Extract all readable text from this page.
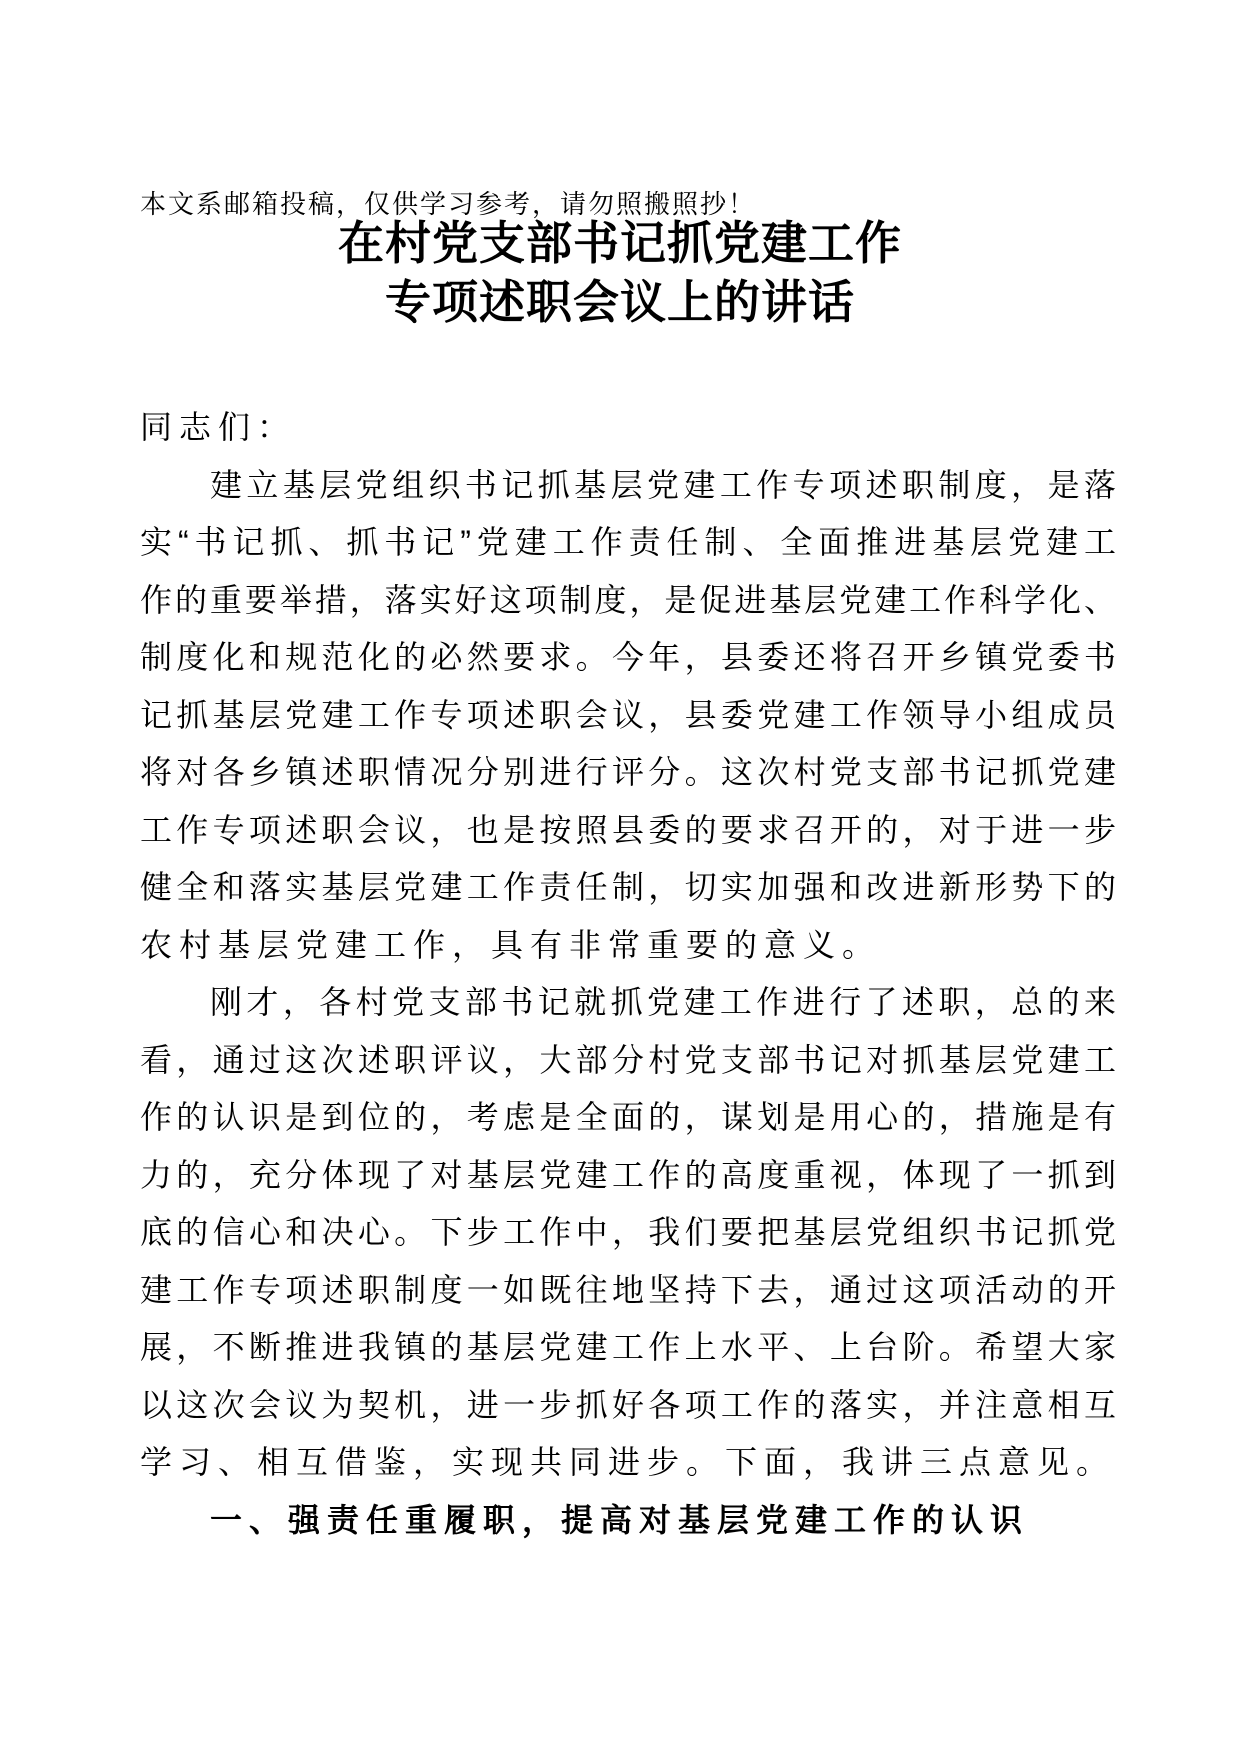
本文系邮箱投稿，仅供学习参考，请勿照搬照抄！
在村党支部书记抓党建工作
专项述职会议上的讲话
同志们：
建立基层党组织书记抓基层党建工作专项述职制度，是落
实“书记抓、抓书记”党建工作责任制、全面推进基层党建工
作的重要举措，落实好这项制度，是促进基层党建工作科学化、
制度化和规范化的必然要求。今年，县委还将召开乡镇党委书
记抓基层党建工作专项述职会议，县委党建工作领导小组成员
将对各乡镇述职情况分别进行评分。这次村党支部书记抓党建
工作专项述职会议，也是按照县委的要求召开的，对于进一步
健全和落实基层党建工作责任制，切实加强和改进新形势下的
农村基层党建工作，具有非常重要的意义。
刚才，各村党支部书记就抓党建工作进行了述职，总的来
看，通过这次述职评议，大部分村党支部书记对抓基层党建工
作的认识是到位的，考虑是全面的，谋划是用心的，措施是有
力的，充分体现了对基层党建工作的高度重视，体现了一抓到
底的信心和决心。下步工作中，我们要把基层党组织书记抓党
建工作专项述职制度一如既往地坚持下去，通过这项活动的开
展，不断推进我镇的基层党建工作上水平、上台阶。希望大家
以这次会议为契机，进一步抓好各项工作的落实，并注意相互
学习、相互借鉴，实现共同进步。下面，我讲三点意见。
一、强责任重履职，提高对基层党建工作的认识
